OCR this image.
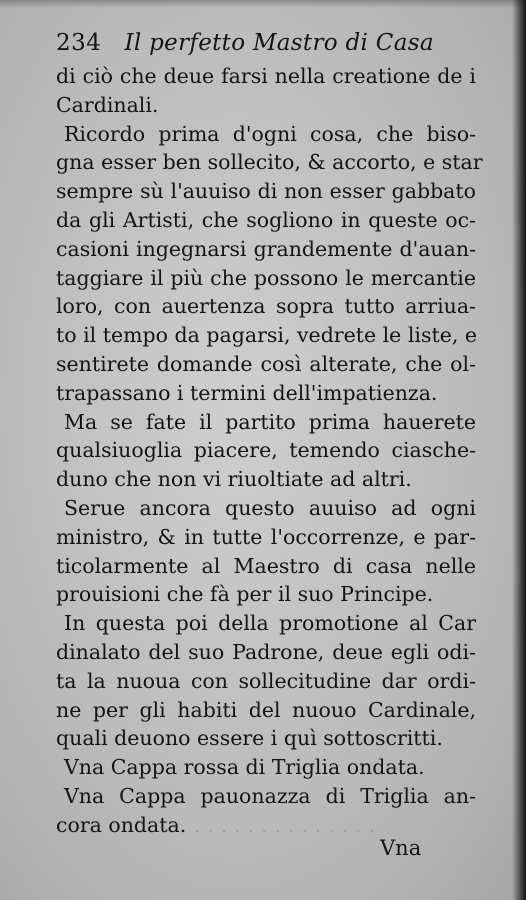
234 Il perfetto Mastro di Casa
di ciò che deue farsi nella creatione de i
Cardinali.
Ricordo prima d'ogni cosa, che biso-
gna esser ben sollecito, & accorto, e star
sempre sù l'auuiso di non esser gabbato
da gli Artisti, che sogliono in queste oc-
casioni ingegnarsi grandemente d'auan-
taggiare il più che possono le mercantie
loro, con auertenza sopra tutto arriua-
to il tempo da pagarsi, vedrete le liste, e
sentirete domande così alterate, che ol-
trapassano i termini dell'impatienza.
Ma se fate il partito prima hauerete
qualsiuoglia piacere, temendo ciasche-
duno che non vi riuoltiate ad altri.
Serue ancora questo auuiso ad ogni
ministro, & in tutte l'occorrenze, e par-
ticolarmente al Maestro di casa nelle
prouisioni che fà per il suo Principe.
In questa poi della promotione al Car
dinalato del suo Padrone, deue egli odi-
ta la nuoua con sollecitudine dar ordi-
ne per gli habiti del nuouo Cardinale,
quali deuono essere i quì sottoscritti.
Vna Cappa rossa di Triglia ondata.
Vna Cappa pauonazza di Triglia an-
cora ondata. . . . . . . . . . . . . . .
Vna
